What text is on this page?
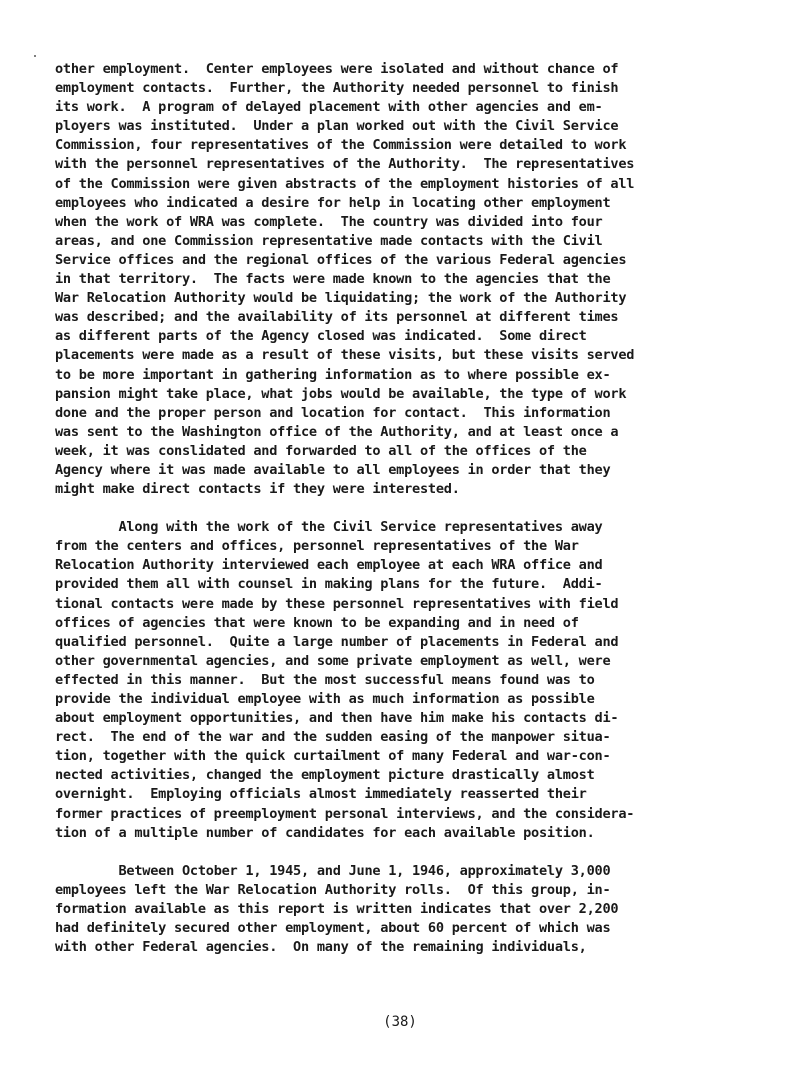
other employment.  Center employees were isolated and without chance of
employment contacts.  Further, the Authority needed personnel to finish
its work.  A program of delayed placement with other agencies and em-
ployers was instituted.  Under a plan worked out with the Civil Service
Commission, four representatives of the Commission were detailed to work
with the personnel representatives of the Authority.  The representatives
of the Commission were given abstracts of the employment histories of all
employees who indicated a desire for help in locating other employment
when the work of WRA was complete.  The country was divided into four
areas, and one Commission representative made contacts with the Civil
Service offices and the regional offices of the various Federal agencies
in that territory.  The facts were made known to the agencies that the
War Relocation Authority would be liquidating; the work of the Authority
was described; and the availability of its personnel at different times
as different parts of the Agency closed was indicated.  Some direct
placements were made as a result of these visits, but these visits served
to be more important in gathering information as to where possible ex-
pansion might take place, what jobs would be available, the type of work
done and the proper person and location for contact.  This information
was sent to the Washington office of the Authority, and at least once a
week, it was conslidated and forwarded to all of the offices of the
Agency where it was made available to all employees in order that they
might make direct contacts if they were interested.

Along with the work of the Civil Service representatives away
from the centers and offices, personnel representatives of the War
Relocation Authority interviewed each employee at each WRA office and
provided them all with counsel in making plans for the future.  Addi-
tional contacts were made by these personnel representatives with field
offices of agencies that were known to be expanding and in need of
qualified personnel.  Quite a large number of placements in Federal and
other governmental agencies, and some private employment as well, were
effected in this manner.  But the most successful means found was to
provide the individual employee with as much information as possible
about employment opportunities, and then have him make his contacts di-
rect.  The end of the war and the sudden easing of the manpower situa-
tion, together with the quick curtailment of many Federal and war-con-
nected activities, changed the employment picture drastically almost
overnight.  Employing officials almost immediately reasserted their
former practices of preemployment personal interviews, and the considera-
tion of a multiple number of candidates for each available position.

Between October 1, 1945, and June 1, 1946, approximately 3,000
employees left the War Relocation Authority rolls.  Of this group, in-
formation available as this report is written indicates that over 2,200
had definitely secured other employment, about 60 percent of which was
with other Federal agencies.  On many of the remaining individuals,

(38)
